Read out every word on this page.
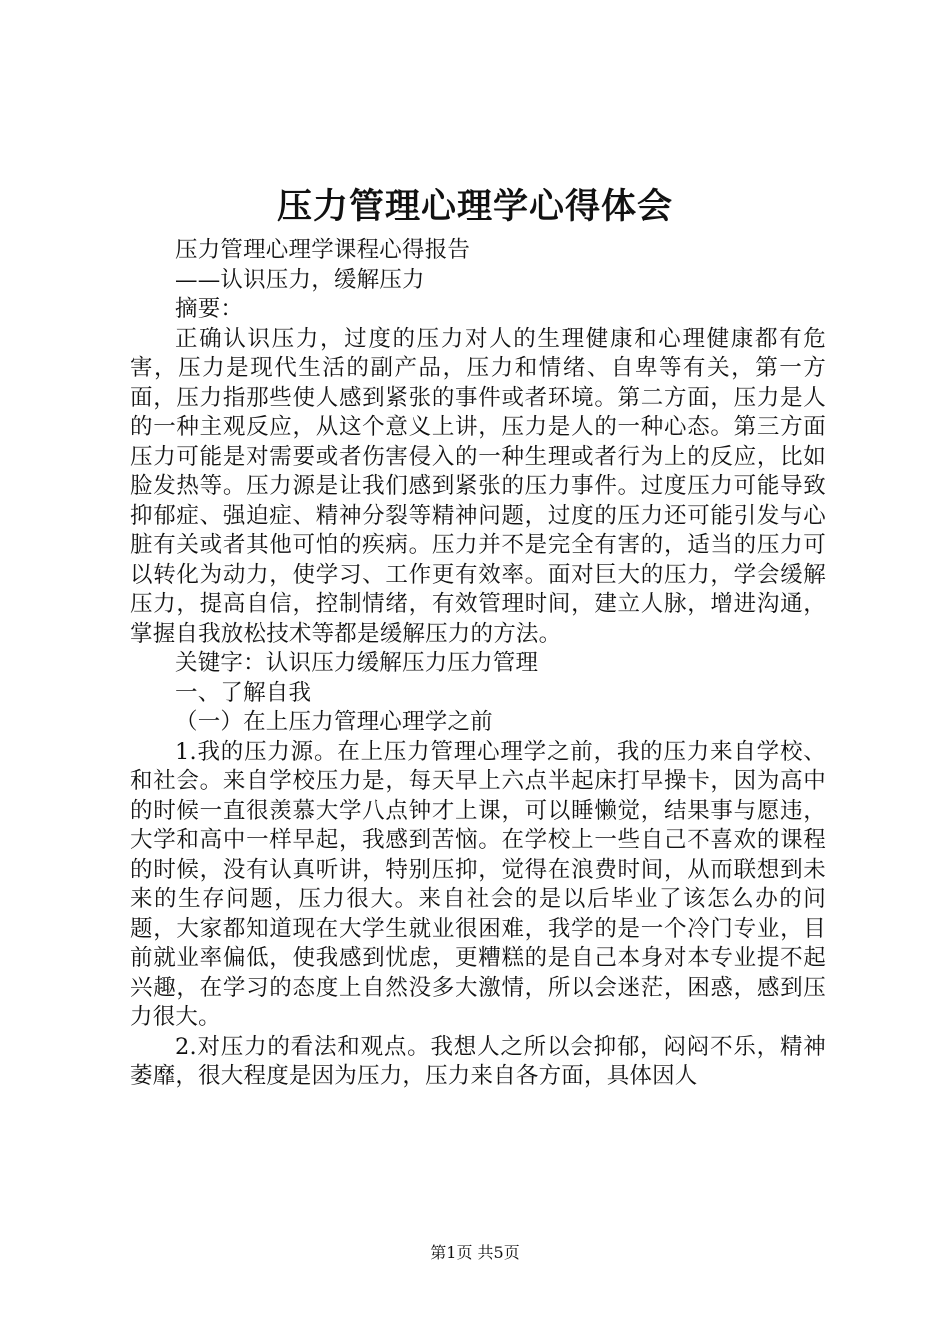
压力管理心理学心得体会

压力管理心理学课程心得报告

——认识压力，缓解压力

摘要：

正确认识压力，过度的压力对人的生理健康和心理健康都有危害，压力是现代生活的副产品，压力和情绪、自卑等有关，第一方面，压力指那些使人感到紧张的事件或者环境。第二方面，压力是人的一种主观反应，从这个意义上讲，压力是人的一种心态。第三方面压力可能是对需要或者伤害侵入的一种生理或者行为上的反应，比如脸发热等。压力源是让我们感到紧张的压力事件。过度压力可能导致抑郁症、强迫症、精神分裂等精神问题，过度的压力还可能引发与心脏有关或者其他可怕的疾病。压力并不是完全有害的，适当的压力可以转化为动力，使学习、工作更有效率。面对巨大的压力，学会缓解压力，提高自信，控制情绪，有效管理时间，建立人脉，增进沟通，掌握自我放松技术等都是缓解压力的方法。

关键字：认识压力缓解压力压力管理

一、了解自我

（一）在上压力管理心理学之前

1.我的压力源。在上压力管理心理学之前，我的压力来自学校、和社会。来自学校压力是，每天早上六点半起床打早操卡，因为高中的时候一直很羡慕大学八点钟才上课，可以睡懒觉，结果事与愿违，大学和高中一样早起，我感到苦恼。在学校上一些自己不喜欢的课程的时候，没有认真听讲，特别压抑，觉得在浪费时间，从而联想到未来的生存问题，压力很大。来自社会的是以后毕业了该怎么办的问题，大家都知道现在大学生就业很困难，我学的是一个冷门专业，目前就业率偏低，使我感到忧虑，更糟糕的是自己本身对本专业提不起兴趣，在学习的态度上自然没多大激情，所以会迷茫，困惑，感到压力很大。

2.对压力的看法和观点。我想人之所以会抑郁，闷闷不乐，精神萎靡，很大程度是因为压力，压力来自各方面，具体因人

第1页 共5页
